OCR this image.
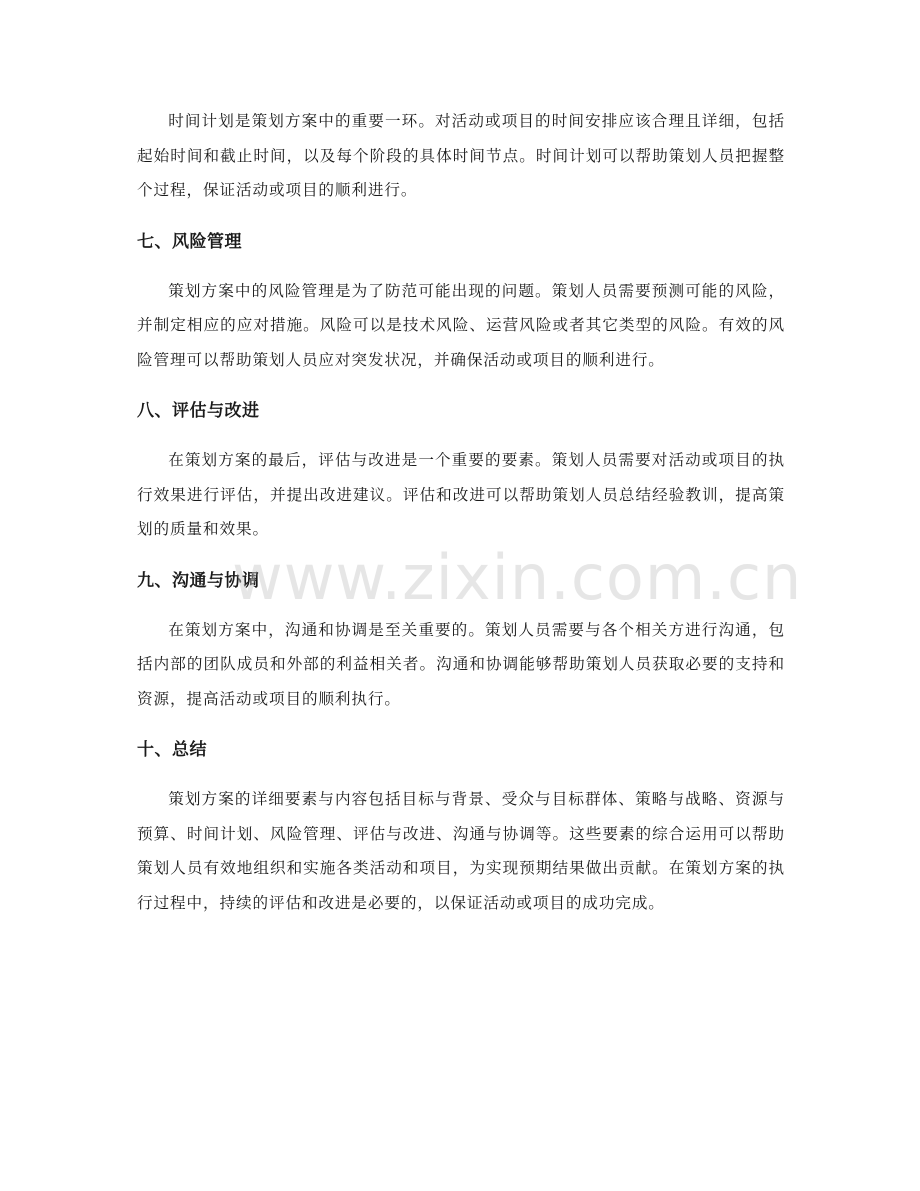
时间计划是策划方案中的重要一环。对活动或项目的时间安排应该合理且详细，包括起始时间和截止时间，以及每个阶段的具体时间节点。时间计划可以帮助策划人员把握整个过程，保证活动或项目的顺利进行。

七、风险管理

策划方案中的风险管理是为了防范可能出现的问题。策划人员需要预测可能的风险，并制定相应的应对措施。风险可以是技术风险、运营风险或者其它类型的风险。有效的风险管理可以帮助策划人员应对突发状况，并确保活动或项目的顺利进行。

八、评估与改进

在策划方案的最后，评估与改进是一个重要的要素。策划人员需要对活动或项目的执行效果进行评估，并提出改进建议。评估和改进可以帮助策划人员总结经验教训，提高策划的质量和效果。

九、沟通与协调

在策划方案中，沟通和协调是至关重要的。策划人员需要与各个相关方进行沟通，包括内部的团队成员和外部的利益相关者。沟通和协调能够帮助策划人员获取必要的支持和资源，提高活动或项目的顺利执行。

十、总结

策划方案的详细要素与内容包括目标与背景、受众与目标群体、策略与战略、资源与预算、时间计划、风险管理、评估与改进、沟通与协调等。这些要素的综合运用可以帮助策划人员有效地组织和实施各类活动和项目，为实现预期结果做出贡献。在策划方案的执行过程中，持续的评估和改进是必要的，以保证活动或项目的成功完成。

www.zixin.com.cn
